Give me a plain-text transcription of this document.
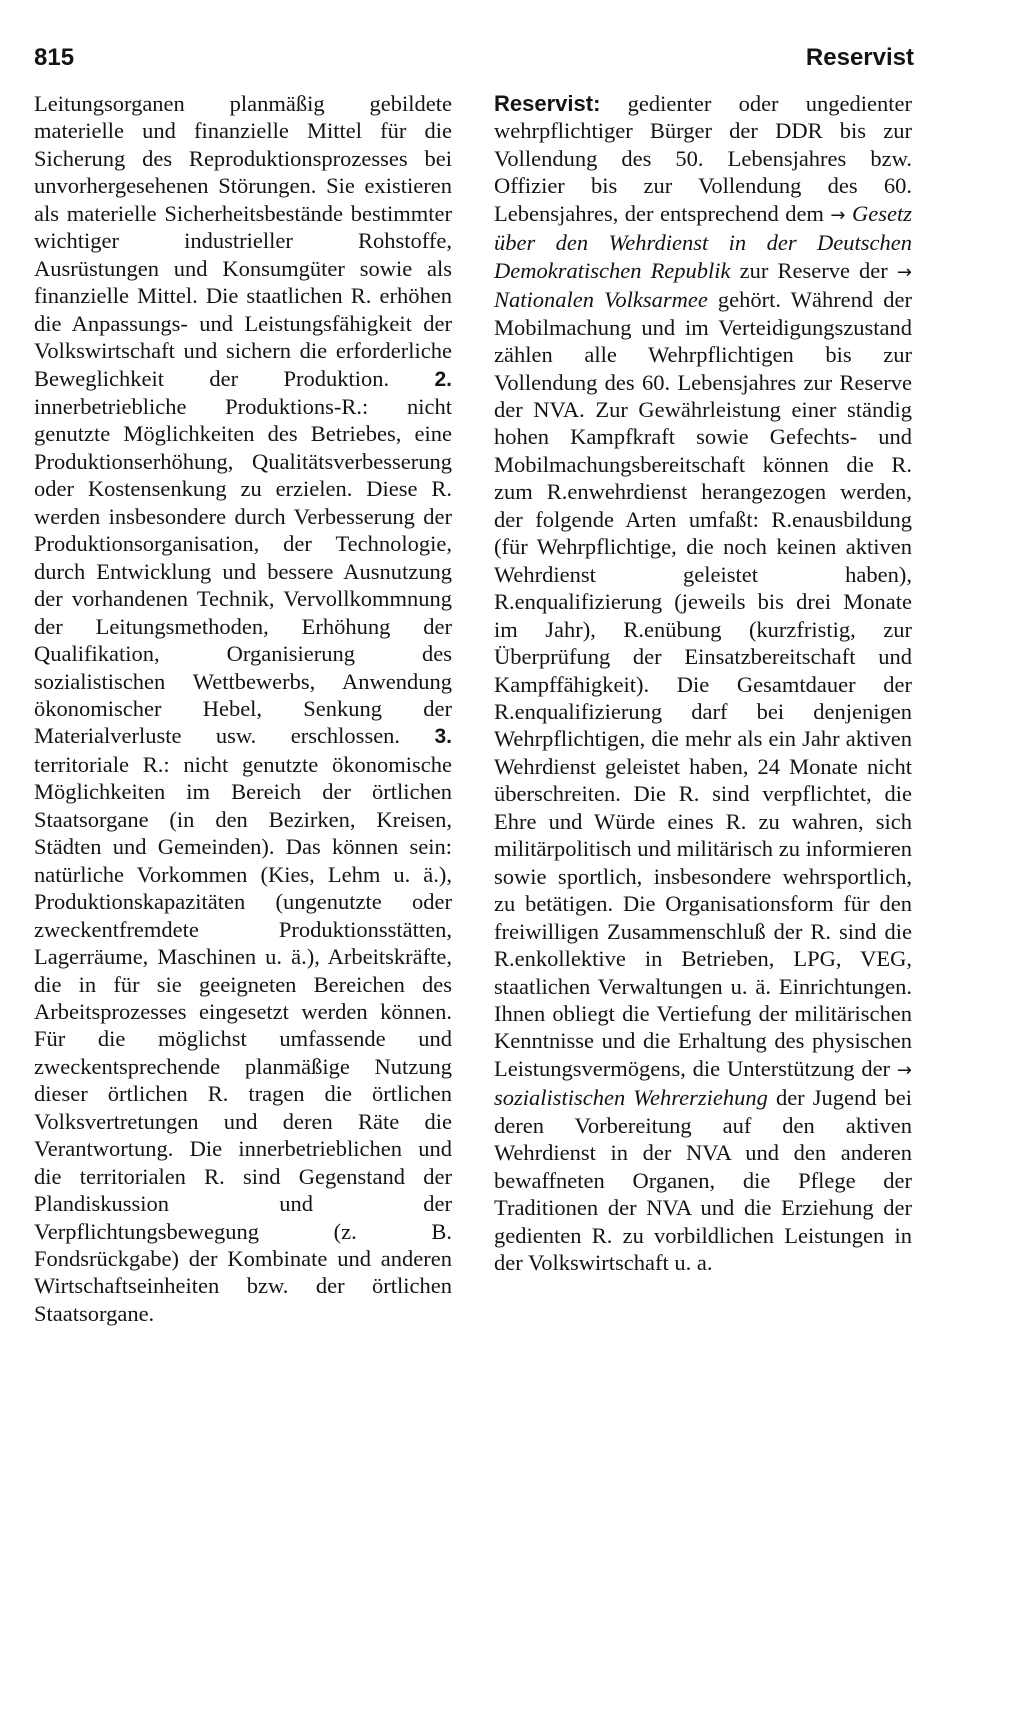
815	Reservist

Leitungsorganen planmäßig gebildete materielle und finanzielle Mittel für die Sicherung des Reproduktionsprozesses bei unvorhergesehenen Störungen. Sie existieren als materielle Sicherheitsbestände bestimmter wichtiger industrieller Rohstoffe, Ausrüstungen und Konsumgüter sowie als finanzielle Mittel. Die staatlichen R. erhöhen die Anpassungs- und Leistungsfähigkeit der Volkswirtschaft und sichern die erforderliche Beweglichkeit der Produktion. 2. innerbetriebliche Produktions-R.: nicht genutzte Möglichkeiten des Betriebes, eine Produktionserhöhung, Qualitätsverbesserung oder Kostensenkung zu erzielen. Diese R. werden insbesondere durch Verbesserung der Produktionsorganisation, der Technologie, durch Entwicklung und bessere Ausnutzung der vorhandenen Technik, Vervollkommnung der Leitungsmethoden, Erhöhung der Qualifikation, Organisierung des sozialistischen Wettbewerbs, Anwendung ökonomischer Hebel, Senkung der Materialverluste usw. erschlossen. 3. territoriale R.: nicht genutzte ökonomische Möglichkeiten im Bereich der örtlichen Staatsorgane (in den Bezirken, Kreisen, Städten und Gemeinden). Das können sein: natürliche Vorkommen (Kies, Lehm u. ä.), Produktionskapazitäten (ungenutzte oder zweckentfremdete Produktionsstätten, Lagerräume, Maschinen u. ä.), Arbeitskräfte, die in für sie geeigneten Bereichen des Arbeitsprozesses eingesetzt werden können. Für die möglichst umfassende und zweckentsprechende planmäßige Nutzung dieser örtlichen R. tragen die örtlichen Volksvertretungen und deren Räte die Verantwortung. Die innerbetrieblichen und die territorialen R. sind Gegenstand der Plandiskussion und der Verpflichtungsbewegung (z. B. Fondsrückgabe) der Kombinate und anderen Wirtschaftseinheiten bzw. der örtlichen Staatsorgane.

Reservist: gedienter oder ungedienter wehrpflichtiger Bürger der DDR bis zur Vollendung des 50. Lebensjahres bzw. Offizier bis zur Vollendung des 60. Lebensjahres, der entsprechend dem → Gesetz über den Wehrdienst in der Deutschen Demokratischen Republik zur Reserve der → Nationalen Volksarmee gehört. Während der Mobilmachung und im Verteidigungszustand zählen alle Wehrpflichtigen bis zur Vollendung des 60. Lebensjahres zur Reserve der NVA. Zur Gewährleistung einer ständig hohen Kampfkraft sowie Gefechts- und Mobilmachungsbereitschaft können die R. zum R.enwehrdienst herangezogen werden, der folgende Arten umfaßt: R.enausbildung (für Wehrpflichtige, die noch keinen aktiven Wehrdienst geleistet haben), R.enqualifizierung (jeweils bis drei Monate im Jahr), R.enübung (kurzfristig, zur Überprüfung der Einsatzbereitschaft und Kampffähigkeit). Die Gesamtdauer der R.enqualifizierung darf bei denjenigen Wehrpflichtigen, die mehr als ein Jahr aktiven Wehrdienst geleistet haben, 24 Monate nicht überschreiten. Die R. sind verpflichtet, die Ehre und Würde eines R. zu wahren, sich militärpolitisch und militärisch zu informieren sowie sportlich, insbesondere wehrsportlich, zu betätigen. Die Organisationsform für den freiwilligen Zusammenschluß der R. sind die R.enkollektive in Betrieben, LPG, VEG, staatlichen Verwaltungen u. ä. Einrichtungen. Ihnen obliegt die Vertiefung der militärischen Kenntnisse und die Erhaltung des physischen Leistungsvermögens, die Unterstützung der → sozialistischen Wehrerziehung der Jugend bei deren Vorbereitung auf den aktiven Wehrdienst in der NVA und den anderen bewaffneten Organen, die Pflege der Traditionen der NVA und die Erziehung der gedienten R. zu vorbildlichen Leistungen in der Volkswirtschaft u. a.
